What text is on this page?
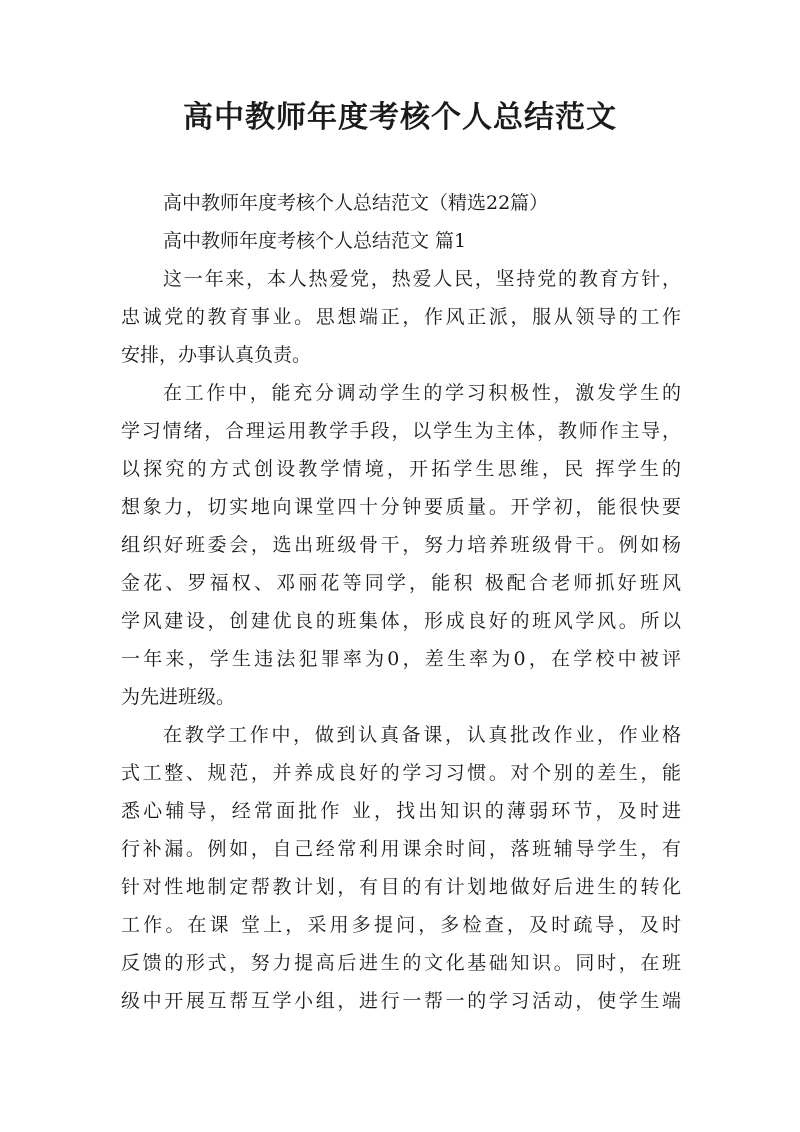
高中教师年度考核个人总结范文
高中教师年度考核个人总结范文（精选22篇）
高中教师年度考核个人总结范文 篇1
这一年来，本人热爱党，热爱人民，坚持党的教育方针，
忠诚党的教育事业。思想端正，作风正派，服从领导的工作
安排，办事认真负责。
在工作中，能充分调动学生的学习积极性，激发学生的
学习情绪，合理运用教学手段，以学生为主体，教师作主导，
以探究的方式创设教学情境，开拓学生思维，民 挥学生的
想象力，切实地向课堂四十分钟要质量。开学初，能很快要
组织好班委会，选出班级骨干，努力培养班级骨干。例如杨
金花、罗福权、邓丽花等同学，能积 极配合老师抓好班风
学风建设，创建优良的班集体，形成良好的班风学风。所以
一年来，学生违法犯罪率为0，差生率为0，在学校中被评
为先进班级。
在教学工作中，做到认真备课，认真批改作业，作业格
式工整、规范，并养成良好的学习习惯。对个别的差生，能
悉心辅导，经常面批作 业，找出知识的薄弱环节，及时进
行补漏。例如，自己经常利用课余时间，落班辅导学生，有
针对性地制定帮教计划，有目的有计划地做好后进生的转化
工作。在课 堂上，采用多提问，多检查，及时疏导，及时
反馈的形式，努力提高后进生的文化基础知识。同时，在班
级中开展互帮互学小组，进行一帮一的学习活动，使学生端
